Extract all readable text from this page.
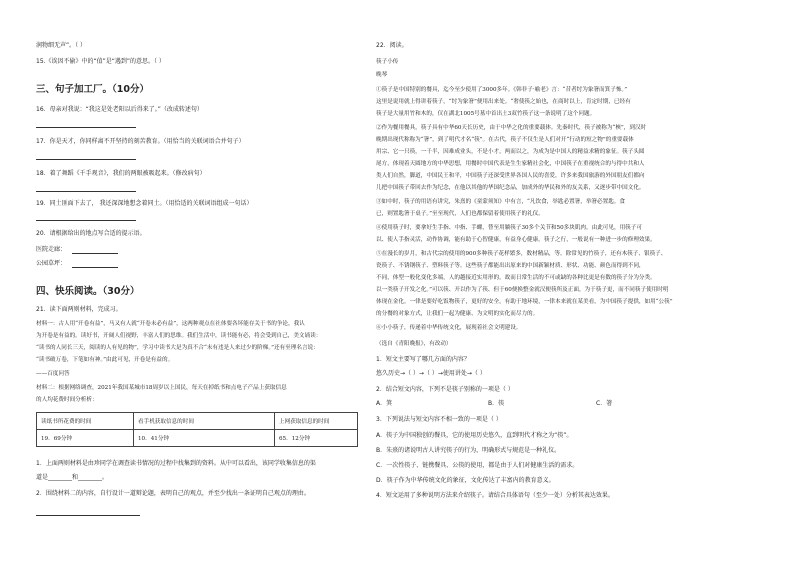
润物细无声”。（ ）
15.《诶因不偷》中的“值”是“遇到”的意思。（ ）
三、句子加工厂。（10分）
16．母亲对我说：“我这是处老阳以后得来了。”（改成转述句）
17．你是天才，你同样离不开坚持的刻苦教育。（用恰当的关联词语合并句子）
18．着了舞蹈《千手观音》，我们的两眼被吸起来。（修改病句）
19．同土匪面下去了， 我还深深地想念着同土。（用恰适的关联词语组成一句话）
20．请根据给出的地点写合适的提示语。
医院走廊：
公园草坪：
四、快乐阅读。（30分）
21．读下面两则材料，完成习。
材料一：古人用“开卷有益”，马又有人就“开卷未必有益”，这两种观点在社体要各坏能存关于书的争论，我认
为开卷是有益的。读好书，开阔人们视野，丰富人们的思维。我们生活中，读书能有必，将会受到自己，美文诵读：
“读书的人同长三天，阅读的人有见的物”，学习中读书大是为真不合“未有违是人来过少的阶梯。”还有至理名言说：
“读书破万卷，下笔如有神。”由此可见，开卷是有益的。
——百度问答
材料二：根据网络调查，2021年我国某城市18周岁以上国民，每天在掉纸书和点电子产品上获取信息
的人均花费时间分析析：
读纸书所花费的时间	看手机获取信息的时间	上网获取信息的时间
19．69分钟	10．41分钟	65．12分钟
1．上面两则材料是由珍同学在调查读书情况的过程中找集到的资料。从中可以看出，该同学收集信息的渠
道是________和________。
2．围绕材料二的内容，自行设计一道辩论题，表明自己的观点，并至少找出一条证明自己观点的理由。
22．阅读。
筷子小传
晚琴
①筷子是中国特别的餐具，迄今至少使用了3000多年。《韩非子·喻老》言：“昔者纣为象箸而箕子怖。”
这里是说用就上得讲着筷子，“纣为象箸”便用出来处。“奢使筷之始也，在商时以上，肯定时期，已经有
筷子是大量用竹和木的，仅在湖北1005号墓中首出土3双竹筷子这一条说明了这个问题。
②作为餐用餐具，筷子具有中华60天长历史，由于中华之化的重要载体。先秦时代，筷子被称为“梜”，到汉时
晚期出现代称称为“箸”，到了明代才名“筷”。在古代，筷子不仅生是人们对开“行动的短之物”的重要载体
用宗、它一只筷，一千半，因难成业头，不是小才，两而以之，为成为是中国人的精益求精的象征。筷子头圆
尾方，体现着天圆地方的中华思想，用餐时中国代表是生生家精社会化，中国筷子在重视统合的与得中共和人
类人们自然，脚道，中国民王和平，中国筷子还深受世界各国人民的喜爱，许多来我国旅游的外国朋友们都向
儿把中国筷子带回去作为纪念，在他以其他的华国纪念品，加成外的华民和外的友关系，又逐步带中国文化。
③如中时，筷子的用语有讲究，朱熹的《童蒙须知》中有言，“凡饮食，举匙必置箸，举箸必置匙。食
已，则置匙箸于桌子。”至至现代，人们也都保留着使用筷子的礼仪。
④使用筷子时，要拿好生手指、中指、手螺，替至用躺筷子30多个关节和50多块肌肉。由此可见，用筷子可
以、使人手指灵活，动作协调，能有助于心智健康，有益身心健康。筷子之行，一般说有一种进一步的修理效果。
⑤在漫长的岁月，和古代宗的使用的900多种筷子花样繁多，数材精品，等。除常见的竹筷子，还有木筷子、银筷子、
瓷筷子、不锈钢筷子、塑料筷子等。这些筷子都能出出原来的中国新颖材质、形状、功能、颜色而得到不同，
不同，体型一般化变化多端，人的越接近实用形的，故而日常生活的不可或缺的各种比更是有数的筷子分为分类。
以一类筷子开发之化。”可以筷、开以作为了筷、但于60便换整金就汉便筷所及正面，为于筷子更，而不同筷子使用时明
体现在金化。一律是要好吃饭物筷子，更好的安全，有助于地环境，一律本来就在某美看，为中国筷子提供，如用“公筷”
的分餐的对象方式，让我们一起为健康、为文明的实化而尽力的。
⑥小小筷子，传递着中华传统文化，展现着社会文明建设。
（选自《青阳晚报》，有改动）
1．短文主要写了哪几方面的内容？
悠久历史→（ ）→（ ）→使用讲处→（ ）
2．结合短文内容，下列不是筷子别称的一项是（ ）
A．箕	B．筷	C．箸
3．下列说法与短文内容不相一致的一项是（ ）
A．筷子为中国独创的餐具，它的使用历史悠久，直到明代才称之为“筷”。
B．朱熹的诸说明古人讲究筷子的行为，明确形式与规范是一种礼仪。
C．一次性筷子、链携餐具、公筷的使用，都是由于人们对健康生活的需求。
D．筷子作为中华传统文化的象征，文化传达了丰富内的教育意义。
4．短文运用了多种说明方法来介绍筷子。请结合具体语句（至少一处）分析其表达效果。
